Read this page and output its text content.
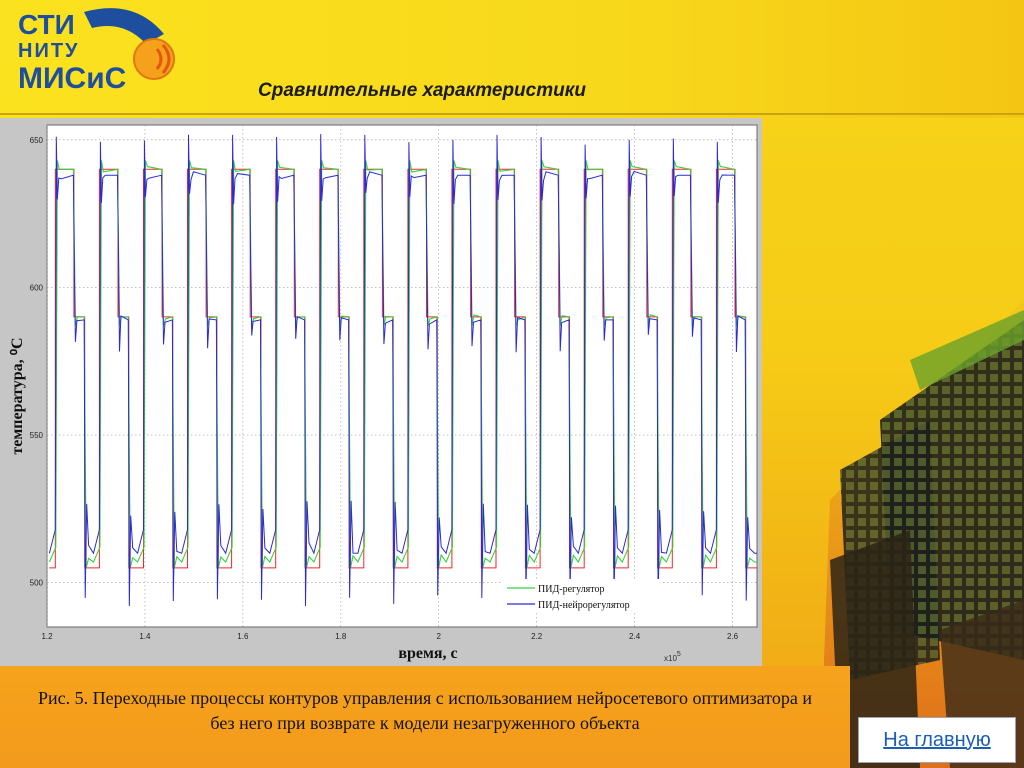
СТИ
НИТУ
МИСиС	Сравнительные характеристики
1.2	1.4	1.6	1.8	2	2.2	2.4	2.6
500
550
600
650
ПИД-регулятор
ПИД-нейрорегулятор
температура, ⁰С
время, с	x105
Рис. 5. Переходные процессы контуров управления с использованием нейросетевого оптимизатора и без него при возврате к модели незагруженного объекта
На главную
